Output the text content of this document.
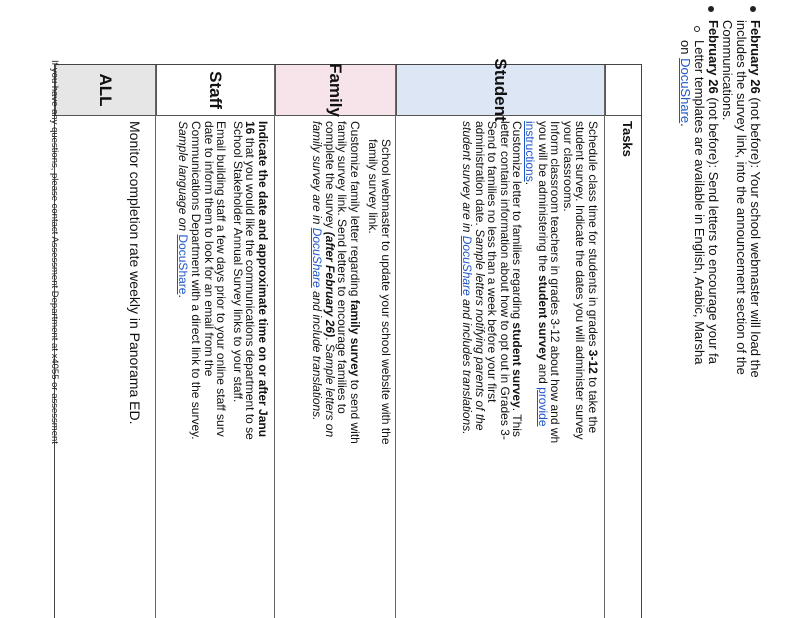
February 26 (not before): Your school webmaster will load the
includes the survey link, into the announcement section of the
Communications.
February 26 (not before): Send letters to encourage your fa
Letter templates are available in English, Arabic, Marsha
on DocuShare.
Tasks
Student
Schedule class time for students in grades 3-12 to take the
student survey. Indicate the dates you will administer survey
your classrooms.
Inform classroom teachers in grades 3-12 about how and wh
you will be administering the student survey and provide
instructions.
Customize letter to families regarding student survey. This
letter contains information about how to opt out in Grades 3-
Send to families no less than a week before your first
administration date. Sample letters notifying parents of the
student survey are in DocuShare and includes translations.
Family
School webmaster to update your school website with the
family survey link.
Customize family letter regarding family survey to send with
family survey link. Send letters to encourage families to
complete the survey (after February 26). Sample letters on
family survey are in DocuShare and include translations.
Staff
Indicate the date and approximate time on or after Janu
16 that you would like the communications department to se
School Stakeholder Annual Survey links to your staff.
Email building staff a few days prior to your online staff surv
date to inform them to look for an email from the
Communications Department with a direct link to the survey.
Sample language on DocuShare.
ALL
Monitor completion rate weekly in Panorama ED.
If you have any questions, please contact Assessment Department at x4055 or assessment
